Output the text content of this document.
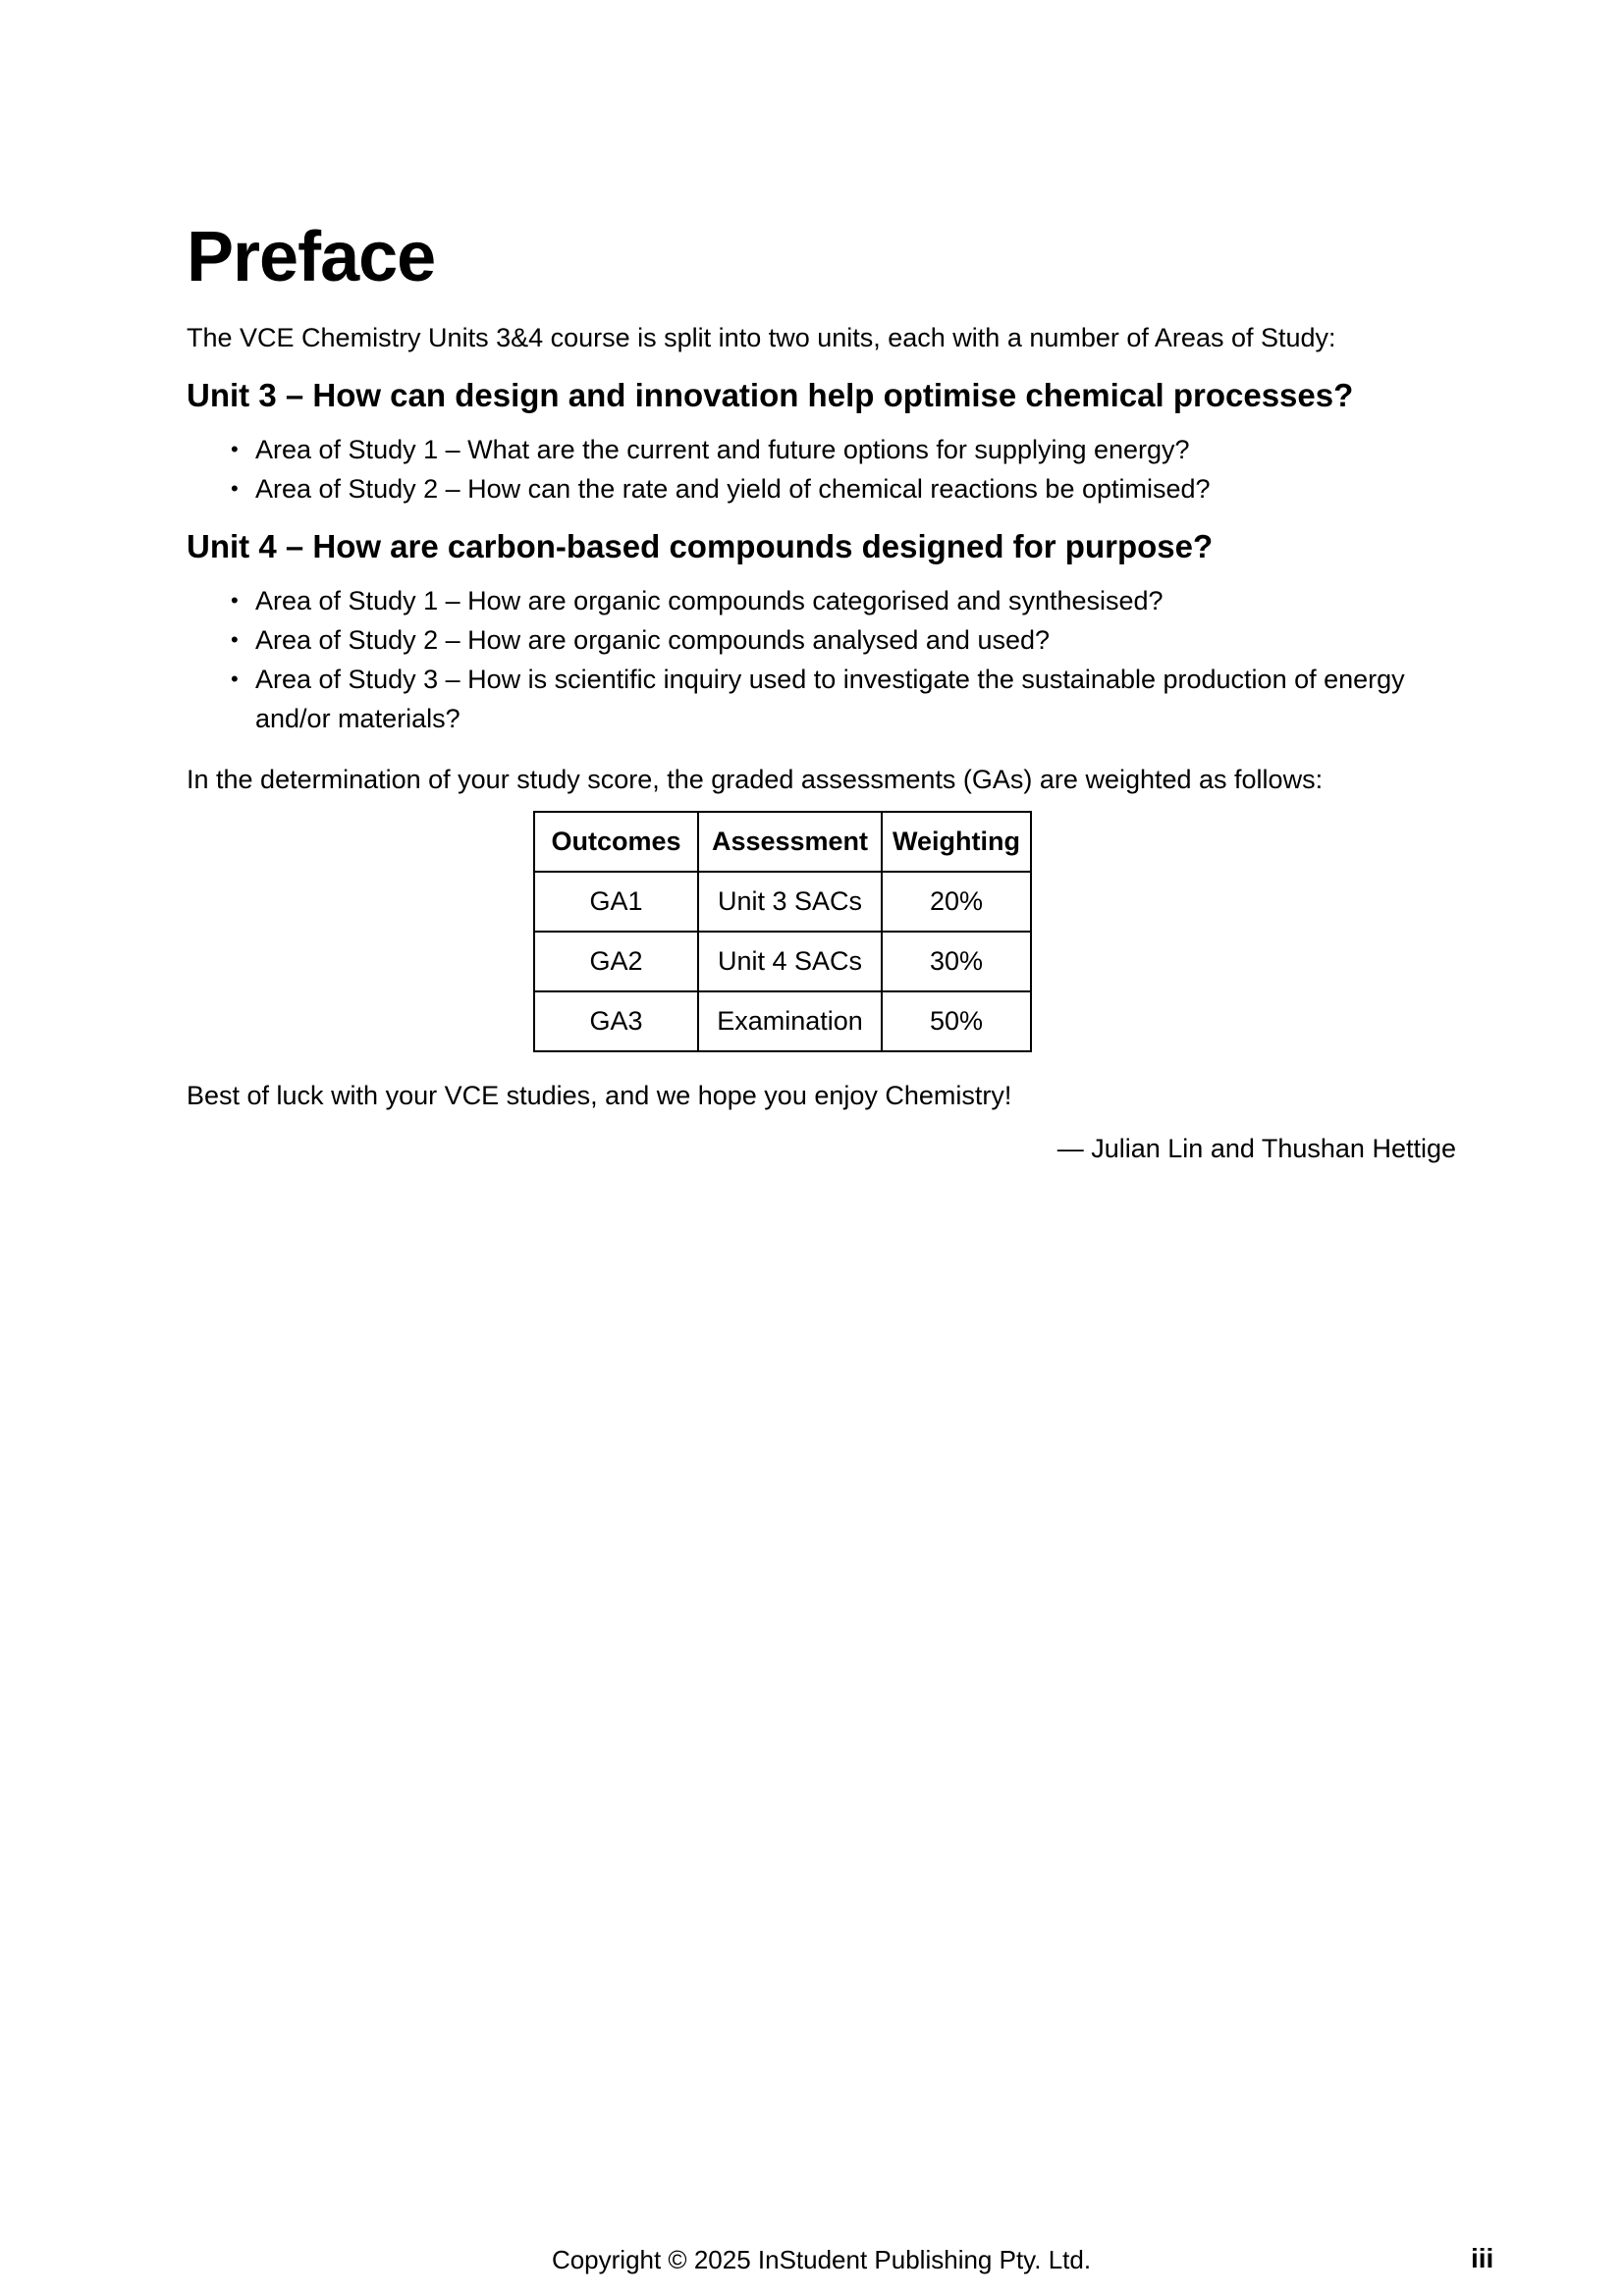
Preface

The VCE Chemistry Units 3&4 course is split into two units, each with a number of Areas of Study:

Unit 3 – How can design and innovation help optimise chemical processes?
• Area of Study 1 – What are the current and future options for supplying energy?
• Area of Study 2 – How can the rate and yield of chemical reactions be optimised?
Unit 4 – How are carbon-based compounds designed for purpose?
• Area of Study 1 – How are organic compounds categorised and synthesised?
• Area of Study 2 – How are organic compounds analysed and used?
• Area of Study 3 – How is scientific inquiry used to investigate the sustainable production of energy and/or materials?

In the determination of your study score, the graded assessments (GAs) are weighted as follows:

Outcomes	Assessment	Weighting
GA1	Unit 3 SACs	20%
GA2	Unit 4 SACs	30%
GA3	Examination	50%

Best of luck with your VCE studies, and we hope you enjoy Chemistry!

— Julian Lin and Thushan Hettige

Copyright © 2025 InStudent Publishing Pty. Ltd.	iii
